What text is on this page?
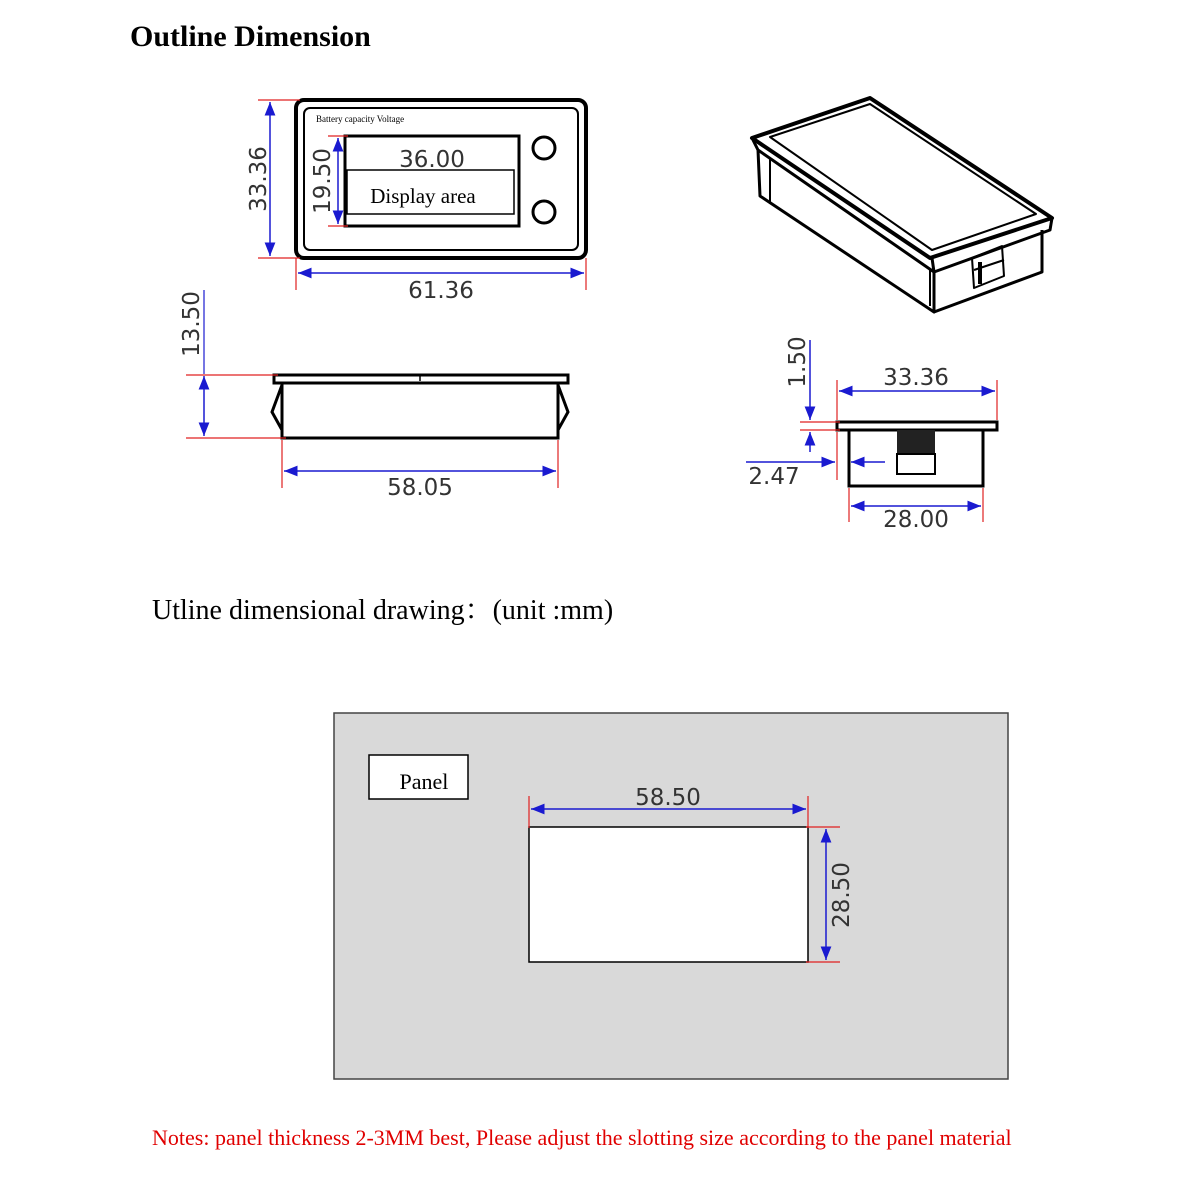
Outline Dimension
Battery capacity Voltage
36.00
Display area
33.36 19.50
61.36
13.50
58.05
1.50	33.36
2.47
28.00
Panel
58.50
28.50
Utline dimensional drawing：(unit :mm)
Notes: panel thickness 2-3MM best, Please adjust the slotting size according to the panel material
